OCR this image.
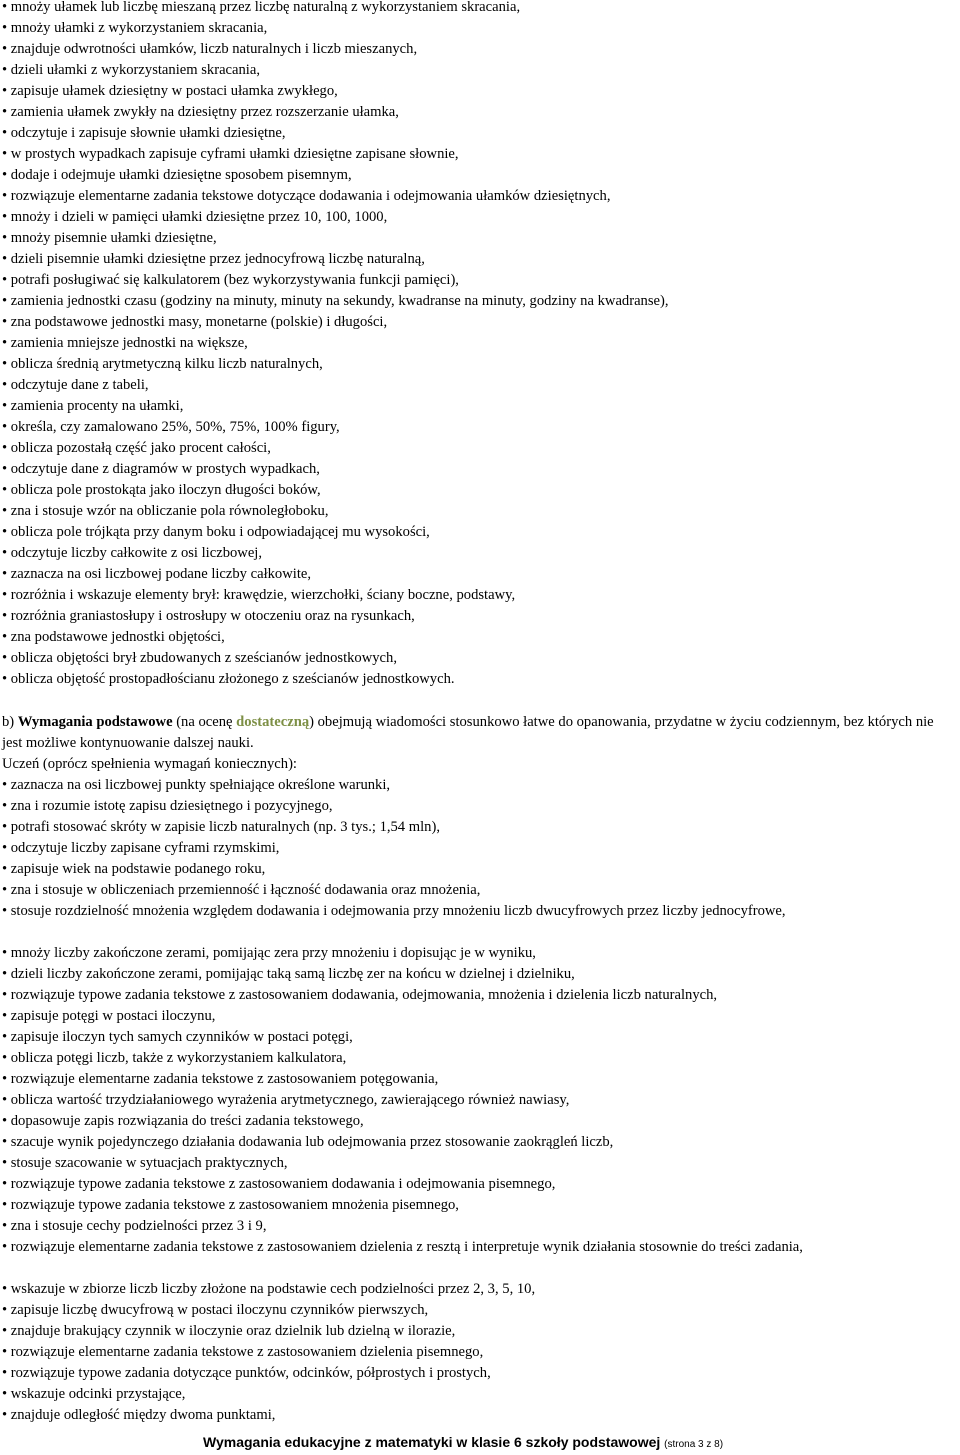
• mnoży ułamek lub liczbę mieszaną przez liczbę naturalną z wykorzystaniem skracania,
• mnoży ułamki z wykorzystaniem skracania,
• znajduje odwrotności ułamków, liczb naturalnych i liczb mieszanych,
• dzieli ułamki z wykorzystaniem skracania,
• zapisuje ułamek dziesiętny w postaci ułamka zwykłego,
• zamienia ułamek zwykły na dziesiętny przez rozszerzanie ułamka,
• odczytuje i zapisuje słownie ułamki dziesiętne,
• w prostych wypadkach zapisuje cyframi ułamki dziesiętne zapisane słownie,
• dodaje i odejmuje ułamki dziesiętne sposobem pisemnym,
• rozwiązuje elementarne zadania tekstowe dotyczące dodawania i odejmowania ułamków dziesiętnych,
• mnoży i dzieli w pamięci ułamki dziesiętne przez 10, 100, 1000,
• mnoży pisemnie ułamki dziesiętne,
• dzieli pisemnie ułamki dziesiętne przez jednocyfrową liczbę naturalną,
• potrafi posługiwać się kalkulatorem (bez wykorzystywania funkcji pamięci),
• zamienia jednostki czasu (godziny na minuty, minuty na sekundy, kwadranse na minuty, godziny na kwadranse),
• zna podstawowe jednostki masy, monetarne (polskie) i długości,
• zamienia mniejsze jednostki na większe,
• oblicza średnią arytmetyczną kilku liczb naturalnych,
• odczytuje dane z tabeli,
• zamienia procenty na ułamki,
• określa, czy zamalowano 25%, 50%, 75%, 100% figury,
• oblicza pozostałą część jako procent całości,
• odczytuje dane z diagramów w prostych wypadkach,
• oblicza pole prostokąta jako iloczyn długości boków,
• zna i stosuje wzór na obliczanie pola równoległoboku,
• oblicza pole trójkąta przy danym boku i odpowiadającej mu wysokości,
• odczytuje liczby całkowite z osi liczbowej,
• zaznacza na osi liczbowej podane liczby całkowite,
• rozróżnia i wskazuje elementy brył: krawędzie, wierzchołki, ściany boczne, podstawy,
• rozróżnia graniastosłupy i ostrosłupy w otoczeniu oraz na rysunkach,
• zna podstawowe jednostki objętości,
• oblicza objętości brył zbudowanych z sześcianów jednostkowych,
• oblicza objętość prostopadłościanu złożonego z sześcianów jednostkowych.
b) Wymagania podstawowe (na ocenę dostateczną) obejmują wiadomości stosunkowo łatwe do opanowania, przydatne w życiu codziennym, bez których nie jest możliwe kontynuowanie dalszej nauki.
Uczeń (oprócz spełnienia wymagań koniecznych):
• zaznacza na osi liczbowej punkty spełniające określone warunki,
• zna i rozumie istotę zapisu dziesiętnego i pozycyjnego,
• potrafi stosować skróty w zapisie liczb naturalnych (np. 3 tys.; 1,54 mln),
• odczytuje liczby zapisane cyframi rzymskimi,
• zapisuje wiek na podstawie podanego roku,
• zna i stosuje w obliczeniach przemienność i łączność dodawania oraz mnożenia,
• stosuje rozdzielność mnożenia względem dodawania i odejmowania przy mnożeniu liczb dwucyfrowych przez liczby jednocyfrowe,
• mnoży liczby zakończone zerami, pomijając zera przy mnożeniu i dopisując je w wyniku,
• dzieli liczby zakończone zerami, pomijając taką samą liczbę zer na końcu w dzielnej i dzielniku,
• rozwiązuje typowe zadania tekstowe z zastosowaniem dodawania, odejmowania, mnożenia i dzielenia liczb naturalnych,
• zapisuje potęgi w postaci iloczynu,
• zapisuje iloczyn tych samych czynników w postaci potęgi,
• oblicza potęgi liczb, także z wykorzystaniem kalkulatora,
• rozwiązuje elementarne zadania tekstowe z zastosowaniem potęgowania,
• oblicza wartość trzydziałaniowego wyrażenia arytmetycznego, zawierającego również nawiasy,
• dopasowuje zapis rozwiązania do treści zadania tekstowego,
• szacuje wynik pojedynczego działania dodawania lub odejmowania przez stosowanie zaokrągleń liczb,
• stosuje szacowanie w sytuacjach praktycznych,
• rozwiązuje typowe zadania tekstowe z zastosowaniem dodawania i odejmowania pisemnego,
• rozwiązuje typowe zadania tekstowe z zastosowaniem mnożenia pisemnego,
• zna i stosuje cechy podzielności przez 3 i 9,
• rozwiązuje elementarne zadania tekstowe z zastosowaniem dzielenia z resztą i interpretuje wynik działania stosownie do treści zadania,
• wskazuje w zbiorze liczb liczby złożone na podstawie cech podzielności przez 2, 3, 5, 10,
• zapisuje liczbę dwucyfrową w postaci iloczynu czynników pierwszych,
• znajduje brakujący czynnik w iloczynie oraz dzielnik lub dzielną w ilorazie,
• rozwiązuje elementarne zadania tekstowe z zastosowaniem dzielenia pisemnego,
• rozwiązuje typowe zadania dotyczące punktów, odcinków, półprostych i prostych,
• wskazuje odcinki przystające,
• znajduje odległość między dwoma punktami,
Wymagania edukacyjne z matematyki w klasie 6 szkoły podstawowej (strona 3 z 8)
